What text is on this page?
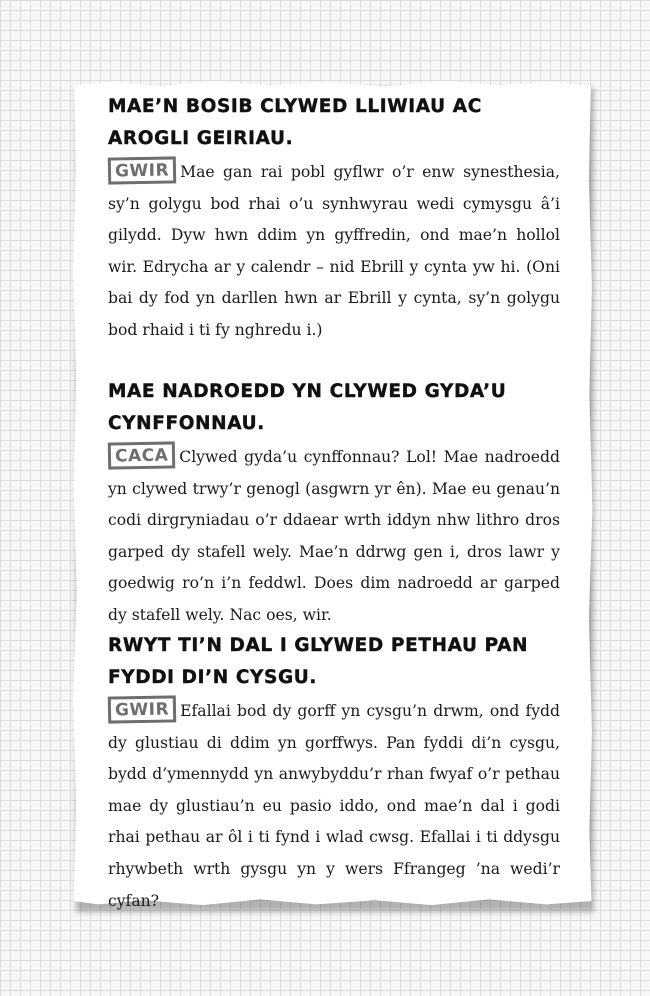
MAE’N BOSIB CLYWED LLIWIAU AC AROGLI GEIRIAU.

GWIR Mae gan rai pobl gyflwr o’r enw synesthesia, sy’n golygu bod rhai o’u synhwyrau wedi cymysgu â’i gilydd. Dyw hwn ddim yn gyffredin, ond mae’n hollol wir. Edrycha ar y calendr – nid Ebrill y cynta yw hi. (Oni bai dy fod yn darllen hwn ar Ebrill y cynta, sy’n golygu bod rhaid i ti fy nghredu i.)

MAE NADROEDD YN CLYWED GYDA’U CYNFFONNAU.

CACA Clywed gyda’u cynffonnau? Lol! Mae nadroedd yn clywed trwy’r genogl (asgwrn yr ên). Mae eu genau’n codi dirgryniadau o’r ddaear wrth iddyn nhw lithro dros garped dy stafell wely. Mae’n ddrwg gen i, dros lawr y goedwig ro’n i’n feddwl. Does dim nadroedd ar garped dy stafell wely. Nac oes, wir.

RWYT TI’N DAL I GLYWED PETHAU PAN FYDDI DI’N CYSGU.

GWIR Efallai bod dy gorff yn cysgu’n drwm, ond fydd dy glustiau di ddim yn gorffwys. Pan fyddi di’n cysgu, bydd d’ymennydd yn anwybyddu’r rhan fwyaf o’r pethau mae dy glustiau’n eu pasio iddo, ond mae’n dal i godi rhai pethau ar ôl i ti fynd i wlad cwsg. Efallai i ti ddysgu rhywbeth wrth gysgu yn y wers Ffrangeg ’na wedi’r cyfan?
